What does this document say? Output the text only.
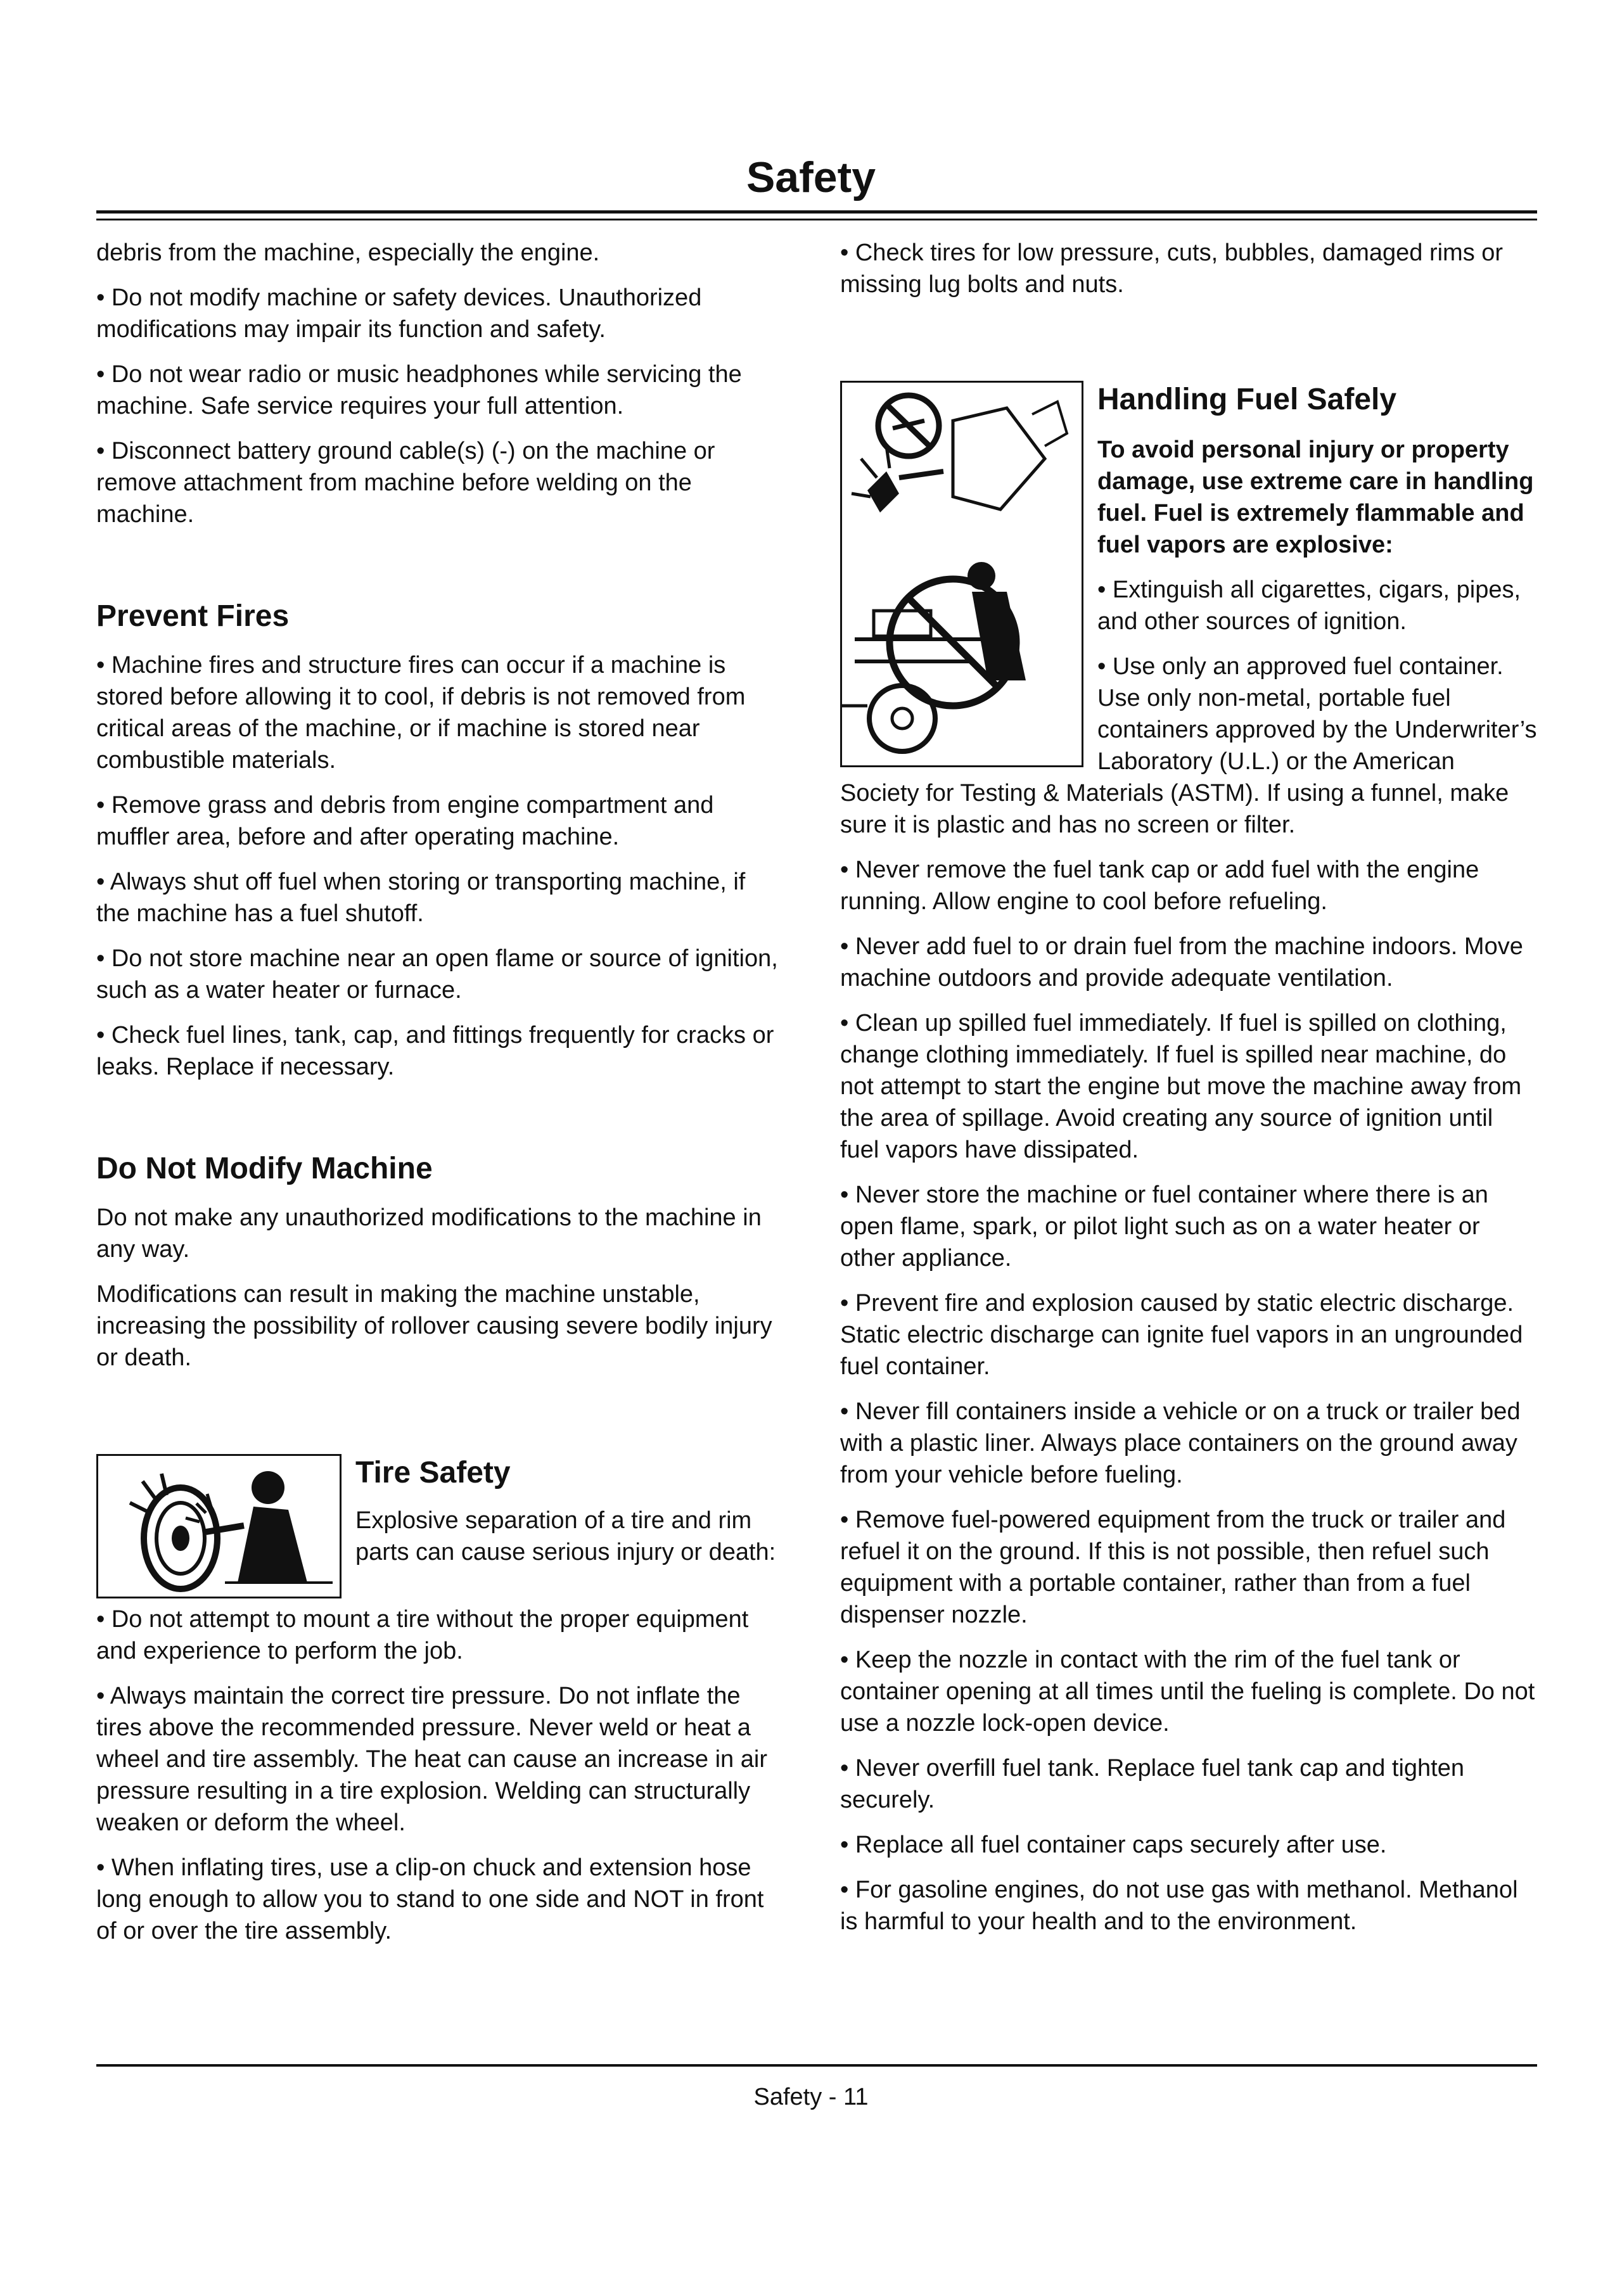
Safety

debris from the machine, especially the engine.

• Do not modify machine or safety devices. Unauthorized modifications may impair its function and safety.

• Do not wear radio or music headphones while servicing the machine. Safe service requires your full attention.

• Disconnect battery ground cable(s) (-) on the machine or remove attachment from machine before welding on the machine.

Prevent Fires

• Machine fires and structure fires can occur if a machine is stored before allowing it to cool, if debris is not removed from critical areas of the machine, or if machine is stored near combustible materials.

• Remove grass and debris from engine compartment and muffler area, before and after operating machine.

• Always shut off fuel when storing or transporting machine, if the machine has a fuel shutoff.

• Do not store machine near an open flame or source of ignition, such as a water heater or furnace.

• Check fuel lines, tank, cap, and fittings frequently for cracks or leaks. Replace if necessary.

Do Not Modify Machine

Do not make any unauthorized modifications to the machine in any way.

Modifications can result in making the machine unstable, increasing the possibility of rollover causing severe bodily injury or death.

Tire Safety

Explosive separation of a tire and rim parts can cause serious injury or death:

• Do not attempt to mount a tire without the proper equipment and experience to perform the job.

• Always maintain the correct tire pressure. Do not inflate the tires above the recommended pressure. Never weld or heat a wheel and tire assembly. The heat can cause an increase in air pressure resulting in a tire explosion. Welding can structurally weaken or deform the wheel.

• When inflating tires, use a clip-on chuck and extension hose long enough to allow you to stand to one side and NOT in front of or over the tire assembly.

• Check tires for low pressure, cuts, bubbles, damaged rims or missing lug bolts and nuts.

Handling Fuel Safely

To avoid personal injury or property damage, use extreme care in handling fuel. Fuel is extremely flammable and fuel vapors are explosive:

• Extinguish all cigarettes, cigars, pipes, and other sources of ignition.

• Use only an approved fuel container. Use only non-metal, portable fuel containers approved by the Underwriter’s Laboratory (U.L.) or the American Society for Testing & Materials (ASTM). If using a funnel, make sure it is plastic and has no screen or filter.

• Never remove the fuel tank cap or add fuel with the engine running. Allow engine to cool before refueling.

• Never add fuel to or drain fuel from the machine indoors. Move machine outdoors and provide adequate ventilation.

• Clean up spilled fuel immediately. If fuel is spilled on clothing, change clothing immediately. If fuel is spilled near machine, do not attempt to start the engine but move the machine away from the area of spillage. Avoid creating any source of ignition until fuel vapors have dissipated.

• Never store the machine or fuel container where there is an open flame, spark, or pilot light such as on a water heater or other appliance.

• Prevent fire and explosion caused by static electric discharge. Static electric discharge can ignite fuel vapors in an ungrounded fuel container.

• Never fill containers inside a vehicle or on a truck or trailer bed with a plastic liner. Always place containers on the ground away from your vehicle before fueling.

• Remove fuel-powered equipment from the truck or trailer and refuel it on the ground. If this is not possible, then refuel such equipment with a portable container, rather than from a fuel dispenser nozzle.

• Keep the nozzle in contact with the rim of the fuel tank or container opening at all times until the fueling is complete. Do not use a nozzle lock-open device.

• Never overfill fuel tank. Replace fuel tank cap and tighten securely.

• Replace all fuel container caps securely after use.

• For gasoline engines, do not use gas with methanol. Methanol is harmful to your health and to the environment.

Safety - 11
